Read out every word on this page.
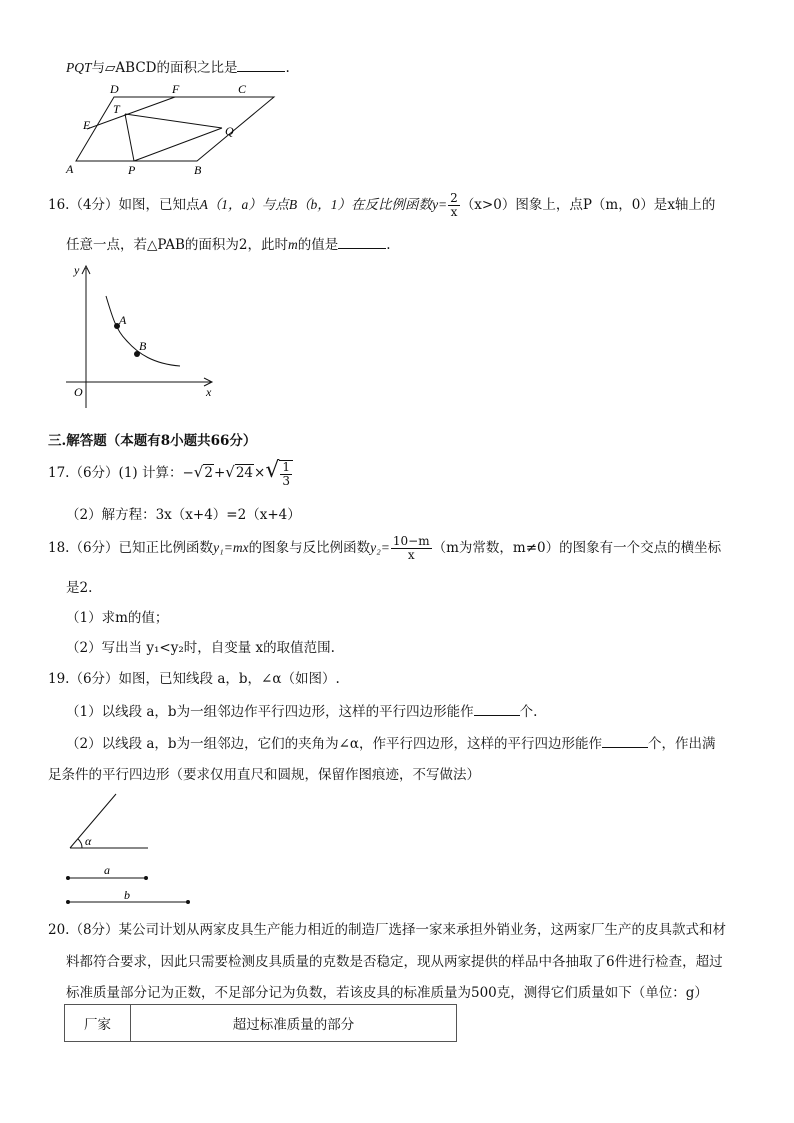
PQT与▱ABCD的面积之比是	.
A	B
C
D
E
F
P
Q
T
16.（4分）如图，已知点A（1，a）与点B（b，1）在反比例函数$y= \frac{2}{x} (x>0)$图象上，点P（m，0）是x轴上的
任意一点，若△PAB的面积为2，此时m的值是	.
y
x
O
A
B
三.解答题（本题有8小题共66分）
17.（6分）(1) 计算：$-√2+√24\times√ \frac{1}{3}$
（2）解方程：3x（x+4）=2（x+4）
18.（6分）已知正比例函数y₁=mx的图象与反比例函数$y_2= \frac{10-m}{x} (m$为常数，m≠0）的图象有一个交点的横坐标
是2.
（1）求m的值；
（2）写出当 y₁<y₂时，自变量 x的取值范围.
19.（6分）如图，已知线段 a，b，∠α（如图）.
（1）以线段 a，b为一组邻边作平行四边形，这样的平行四边形能作	个.
（2）以线段 a，b为一组邻边，它们的夹角为∠α，作平行四边形，这样的平行四边形能作	个，作出满
足条件的平行四边形（要求仅用直尺和圆规，保留作图痕迹，不写做法）
α
a
b
20.（8分）某公司计划从两家皮具生产能力相近的制造厂选择一家来承担外销业务，这两家厂生产的皮具款式和材
料都符合要求，因此只需要检测皮具质量的克数是否稳定，现从两家提供的样品中各抽取了6件进行检查，超过
标准质量部分记为正数，不足部分记为负数，若该皮具的标准质量为500克，测得它们质量如下（单位：g）
厂家	超过标准质量的部分
